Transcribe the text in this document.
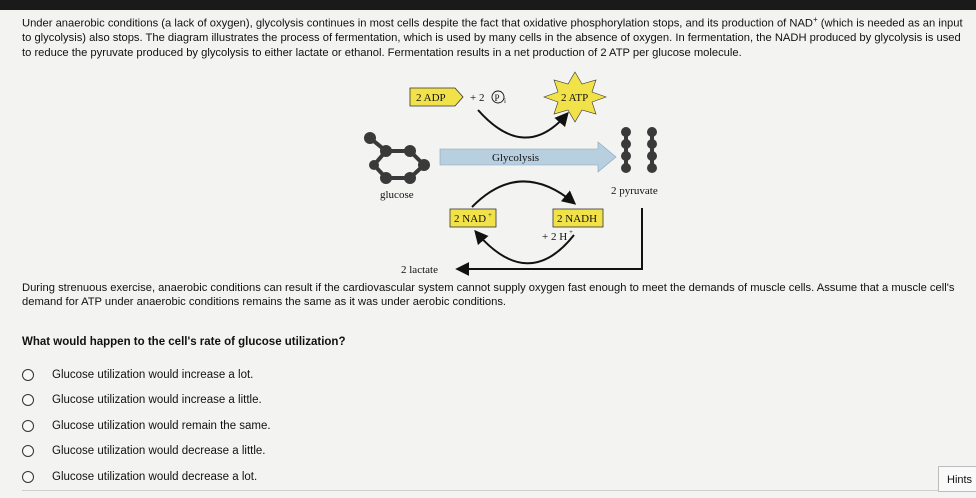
Under anaerobic conditions (a lack of oxygen), glycolysis continues in most cells despite the fact that oxidative phosphorylation stops, and its production of NAD+ (which is needed as an input to glycolysis) also stops. The diagram illustrates the process of fermentation, which is used by many cells in the absence of oxygen. In fermentation, the NADH produced by glycolysis is used to reduce the pyruvate produced by glycolysis to either lactate or ethanol. Fermentation results in a net production of 2 ATP per glucose molecule.
2 ADP + 2 P i	2 ATP
glucose
Glycolysis
2 pyruvate
2 NAD +	2 NADH
+ 2 H +
2 lactate
During strenuous exercise, anaerobic conditions can result if the cardiovascular system cannot supply oxygen fast enough to meet the demands of muscle cells. Assume that a muscle cell's demand for ATP under anaerobic conditions remains the same as it was under aerobic conditions.
What would happen to the cell's rate of glucose utilization?
Glucose utilization would increase a lot.
Glucose utilization would increase a little.
Glucose utilization would remain the same.
Glucose utilization would decrease a little.
Glucose utilization would decrease a lot.	Hints
